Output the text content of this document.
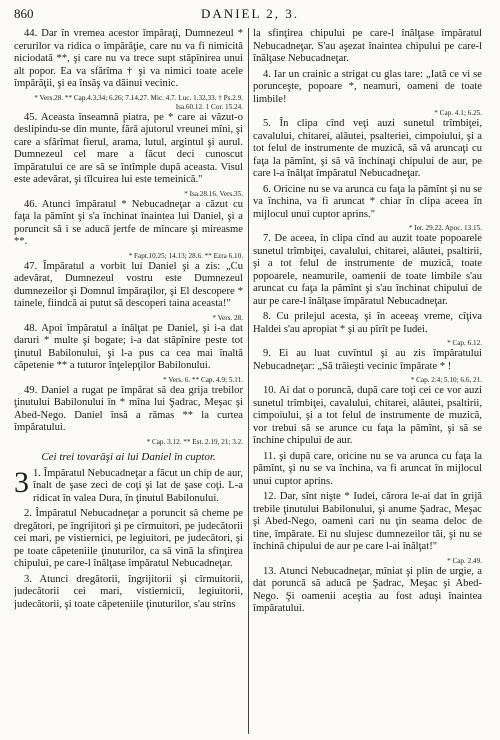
860	DANIEL 2, 3.

44. Dar în vremea acestor împăraţi, Dumnezeul * cerurilor va ridica o împărăţie, care nu va fi nimicită niciodată **, şi care nu va trece supt stăpînirea unui alt popor. Ea va sfărîma † şi va nimici toate acele împărăţii, şi ea însăş va dăinui vecinic.

* Vers.28. ** Cap.4.3,34; 6.26; 7.14,27. Mic. 4.7. Luc. 1.32,33. † Ps.2.9. Isa.60.12. 1 Cor. 15.24.

45. Aceasta înseamnă piatra, pe * care ai văzut-o deslipindu-se din munte, fără ajutorul vreunei mîni, şi care a sfărîmat fierul, arama, lutul, argintul şi aurul. Dumnezeul cel mare a făcut deci cunoscut împăratului ce are să se întîmple după aceasta. Visul este adevărat, şi tîlcuirea lui este temeinică."

* Isa.28.16. Vers.35.

46. Atunci împăratul * Nebucadneţar a căzut cu faţa la pămînt şi s'a închinat înaintea lui Daniel, şi a poruncit să i se aducă jertfe de mîncare şi mireasme **.

* Fapt.10.25; 14.13; 28.6. ** Ezra 6.10.

47. Împăratul a vorbit lui Daniel şi a zis: „Cu adevărat, Dumnezeul vostru este Dumnezeul dumnezeilor şi Domnul împăraţilor, şi El descopere * tainele, fiindcă ai putut să descoperi taina aceasta!"

* Vers. 28.

48. Apoi împăratul a înălţat pe Daniel, şi i-a dat daruri * multe şi bogate; i-a dat stăpînire peste tot ţinutul Babilonului, şi l-a pus ca cea mai înaltă căpetenie ** a tuturor înţelepţilor Babilonului.

* Vers. 6. ** Cap. 4.9; 5.11.

49. Daniel a rugat pe împărat să dea grija trebilor ţinutului Babilonului în * mîna lui Şadrac, Meşac şi Abed-Nego. Daniel însă a rămas ** la curtea împăratului.

* Cap. 3.12. ** Est. 2.19, 21; 3.2.
Cei trei tovarăşi ai lui Daniel în cuptor.

3 1. Împăratul Nebucadneţar a făcut un chip de aur, înalt de şase zeci de coţi şi lat de şase coţi. L-a ridicat în valea Dura, în ţinutul Babilonului.

2. Împăratul Nebucadneţar a poruncit să cheme pe dregători, pe îngrijitori şi pe cîrmuitori, pe judecătorii cei mari, pe vistiernici, pe legiuitori, pe judecători, şi pe toate căpeteniile ţinuturilor, ca să vină la sfinţirea chipului, pe care-l înălţase împăratul Nebucadneţar.

3. Atunci dregătorii, îngrijitorii şi cîrmuitorii, judecătorii cei mari, vistiernicii, legiuitorii, judecătorii, şi toate căpeteniile ţinuturilor, s'au strîns

la sfinţirea chipului pe care-l înălţase împăratul Nebucadneţar. S'au aşezat înaintea chipului pe care-l înălţase Nebucadneţar.

4. Iar un crainic a strigat cu glas tare: „Iată ce vi se porunceşte, popoare *, neamuri, oameni de toate limbile!

* Cap. 4.1; 6.25.

5. În clipa cînd veţi auzi sunetul trîmbiţei, cavalului, chitarei, alăutei, psalteriei, cimpoiului, şi a tot felul de instrumente de muzică, să vă aruncaţi cu faţa la pămînt, şi să vă închinaţi chipului de aur, pe care l-a înălţat împăratul Nebucadneţar.

6. Oricine nu se va arunca cu faţa la pămînt şi nu se va închina, va fi aruncat * chiar în clipa aceea în mijlocul unui cuptor aprins."

* Ier. 29.22. Apoc. 13.15.

7. De aceea, în clipa cînd au auzit toate popoarele sunetul trîmbiţei, cavalului, chitarei, alăutei, psaltirii, şi a tot felul de instrumente de muzică, toate popoarele, neamurile, oamenii de toate limbile s'au aruncat cu faţa la pămînt şi s'au închinat chipului de aur pe care-l înălţase împăratul Nebucadneţar.

8. Cu prilejul acesta, şi în aceeaş vreme, cîţiva Haldei s'au apropiat * şi au pîrît pe Iudei.

* Cap. 6.12.

9. Ei au luat cuvîntul şi au zis împăratului Nebucadneţar: „Să trăieşti vecinic împărate * !

* Cap. 2.4; 5.10; 6.6, 21.

10. Ai dat o poruncă, după care toţi cei ce vor auzi sunetul trîmbiţei, cavalului, chitarei, alăutei, psaltirii, cimpoiului, şi a tot felul de instrumente de muzică, vor trebui să se arunce cu faţa la pămînt, şi să se închine chipului de aur.

11. şi după care, oricine nu se va arunca cu faţa la pămînt, şi nu se va închina, va fi aruncat în mijlocul unui cuptor aprins.

12. Dar, sînt nişte * Iudei, cărora le-ai dat în grijă trebile ţinutului Babilonului, şi anume Şadrac, Meşac şi Abed-Nego, oameni cari nu ţin seama deloc de tine, împărate. Ei nu slujesc dumnezeilor tăi, şi nu se închină chipului de aur pe care l-ai înălţat!"

* Cap. 2.49.

13. Atunci Nebucadneţar, mîniat şi plin de urgie, a dat poruncă să aducă pe Şadrac, Meşac şi Abed-Nego. Şi oamenii aceştia au fost aduşi înaintea împăratului.
